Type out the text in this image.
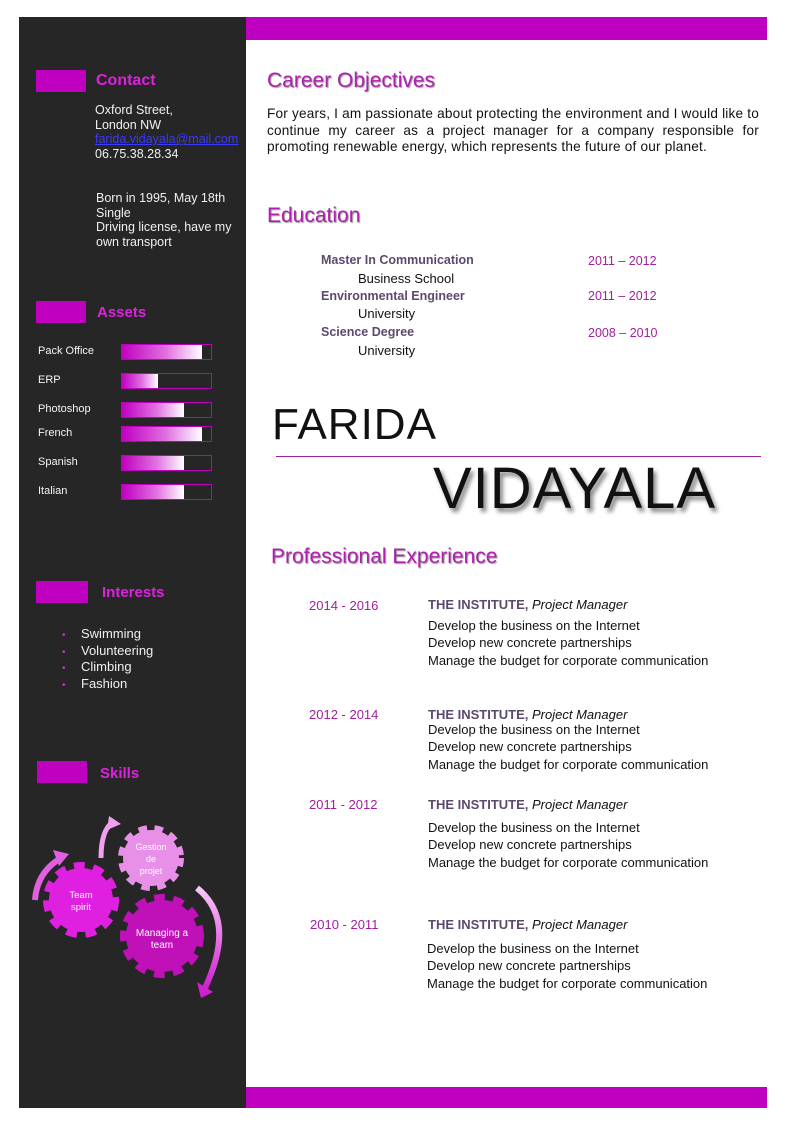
Contact
Oxford Street,
London NW
farida.vidayala@mail.com
06.75.38.28.34
Born in 1995, May 18th
Single
Driving license, have my own transport
Assets
Pack Office
ERP
Photoshop
French
Spanish
Italian
Interests
• Swimming
• Volunteering
• Climbing
• Fashion
Skills
Gestion
de
projet
Team
spirit
Managing a
team
Career Objectives
For years, I am passionate about protecting the environment and I would like to continue my career as a project manager for a company responsible for promoting renewable energy, which represents the future of our planet.
Education
Master In Communication
Business School
2011 – 2012
Environmental Engineer
University
2011 – 2012
Science Degree
University
2008 – 2010
FARIDA
VIDAYALA
Professional Experience
2014 - 2016	THE INSTITUTE, Project Manager
Develop the business on the Internet
Develop new concrete partnerships
Manage the budget for corporate communication
2012 - 2014	THE INSTITUTE, Project Manager
Develop the business on the Internet
Develop new concrete partnerships
Manage the budget for corporate communication
2011 - 2012	THE INSTITUTE, Project Manager
Develop the business on the Internet
Develop new concrete partnerships
Manage the budget for corporate communication
2010 - 2011	THE INSTITUTE, Project Manager
Develop the business on the Internet
Develop new concrete partnerships
Manage the budget for corporate communication
